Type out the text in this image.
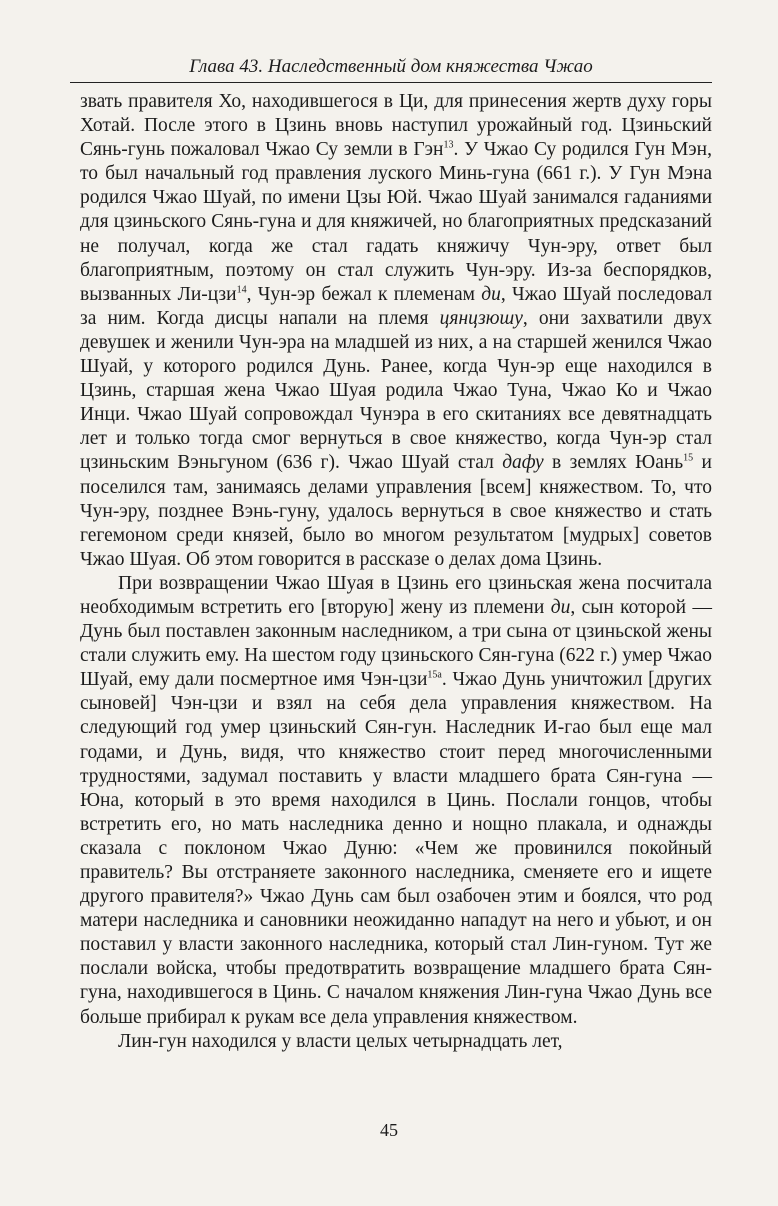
Глава 43. Наследственный дом княжества Чжао

звать правителя Хо, находившегося в Ци, для принесения жертв духу горы Хотай. После этого в Цзинь вновь наступил урожайный год. Цзиньский Сянь-гунь пожаловал Чжао Су земли в Гэн$^{13}$. У Чжао Су родился Гун Мэн, то был начальный год правления луского Минь-гуна (661 г.). У Гун Мэна родился Чжао Шуай, по имени Цзы Юй. Чжао Шуай занимался гаданиями для цзиньского Сянь-гуна и для княжичей, но благоприятных предсказаний не получал, когда же стал гадать княжичу Чун-эру, ответ был благоприятным, поэтому он стал служить Чун-эру. Из-за беспорядков, вызванных Ли-цзи$^{14}$, Чун-эр бежал к племенам ди, Чжао Шуай последовал за ним. Когда дисцы напали на племя цянцзюшу, они захватили двух девушек и женили Чун-эра на младшей из них, а на старшей женился Чжао Шуай, у которого родился Дунь. Ранее, когда Чун-эр еще находился в Цзинь, старшая жена Чжао Шуая родила Чжао Туна, Чжао Ко и Чжао Инци. Чжао Шуай сопровождал Чунэра в его скитаниях все девятнадцать лет и только тогда смог вернуться в свое княжество, когда Чун-эр стал цзиньским Вэньгуном (636 г). Чжао Шуай стал дафу в землях Юань$^{15}$ и поселился там, занимаясь делами управления [всем] княжеством. То, что Чун-эру, позднее Вэнь-гуну, удалось вернуться в свое княжество и стать гегемоном среди князей, было во многом результатом [мудрых] советов Чжао Шуая. Об этом говорится в рассказе о делах дома Цзинь.

При возвращении Чжао Шуая в Цзинь его цзиньская жена посчитала необходимым встретить его [вторую] жену из племени ди, сын которой — Дунь был поставлен законным наследником, а три сына от цзиньской жены стали служить ему. На шестом году цзиньского Сян-гуна (622 г.) умер Чжао Шуай, ему дали посмертное имя Чэн-цзи$^{15а}$. Чжао Дунь уничтожил [других сыновей] Чэн-цзи и взял на себя дела управления княжеством. На следующий год умер цзиньский Сян-гун. Наследник И-гао был еще мал годами, и Дунь, видя, что княжество стоит перед многочисленными трудностями, задумал поставить у власти младшего брата Сян-гуна — Юна, который в это время находился в Цинь. Послали гонцов, чтобы встретить его, но мать наследника денно и нощно плакала, и однажды сказала с поклоном Чжао Дуню: «Чем же провинился покойный правитель? Вы отстраняете законного наследника, сменяете его и ищете другого правителя?» Чжао Дунь сам был озабочен этим и боялся, что род матери наследника и сановники неожиданно нападут на него и убьют, и он поставил у власти законного наследника, который стал Лин-гуном. Тут же послали войска, чтобы предотвратить возвращение младшего брата Сян-гуна, находившегося в Цинь. С началом княжения Лин-гуна Чжао Дунь все больше прибирал к рукам все дела управления княжеством.

Лин-гун находился у власти целых четырнадцать лет,

45
